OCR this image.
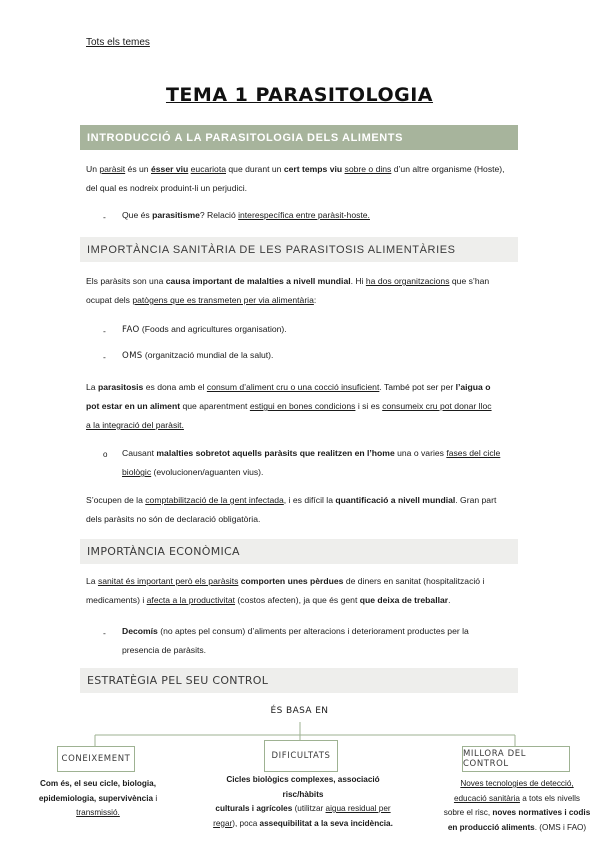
Tots els temes
TEMA 1 PARASITOLOGIA
INTRODUCCIÓ A LA PARASITOLOGIA DELS ALIMENTS
Un paràsit és un ésser viu eucariota que durant un cert temps viu sobre o dins d’un altre organisme (Hoste),
del qual es nodreix produint-li un perjudici.
- Que és parasitisme? Relació interespecífica entre paràsit-hoste.
IMPORTÀNCIA SANITÀRIA DE LES PARASITOSIS ALIMENTÀRIES
Els paràsits son una causa important de malalties a nivell mundial. Hi ha dos organitzacions que s’han
ocupat dels patògens que es transmeten per via alimentària:
- FAO (Foods and agricultures organisation).
- OMS (organització mundial de la salut).
La parasitosis es dona amb el consum d’aliment cru o una cocció insuficient. També pot ser per l’aigua o
pot estar en un aliment que aparentment estigui en bones condicions i si es consumeix cru pot donar lloc
a la integració del paràsit.
o Causant malalties sobretot aquells paràsits que realitzen en l’home una o varies fases del cicle
biològic (evolucionen/aguanten vius).
S’ocupen de la comptabilització de la gent infectada, i es difícil la quantificació a nivell mundial. Gran part
dels paràsits no són de declaració obligatòria.
IMPORTÀNCIA ECONÒMICA
La sanitat és important però els paràsits comporten unes pèrdues de diners en sanitat (hospitalització i
medicaments) i afecta a la productivitat (costos afecten), ja que és gent que deixa de treballar.
- Decomís (no aptes pel consum) d’aliments per alteracions i deteriorament productes per la
presencia de paràsits.
ESTRATÈGIA PEL SEU CONTROL
ÉS BASA EN
CONEIXEMENT	DIFICULTATS	MILLORA DEL CONTROL
Com és, el seu cicle, biologia,
epidemiologia, supervivència i
transmissió.
Cicles biològics complexes, associació risc/hàbits
culturals i agrícoles (utilitzar aigua residual per
regar), poca assequibilitat a la seva incidència.
Noves tecnologies de detecció,
educació sanitària a tots els nivells
sobre el risc, noves normatives i codis
en producció aliments. (OMS i FAO)
